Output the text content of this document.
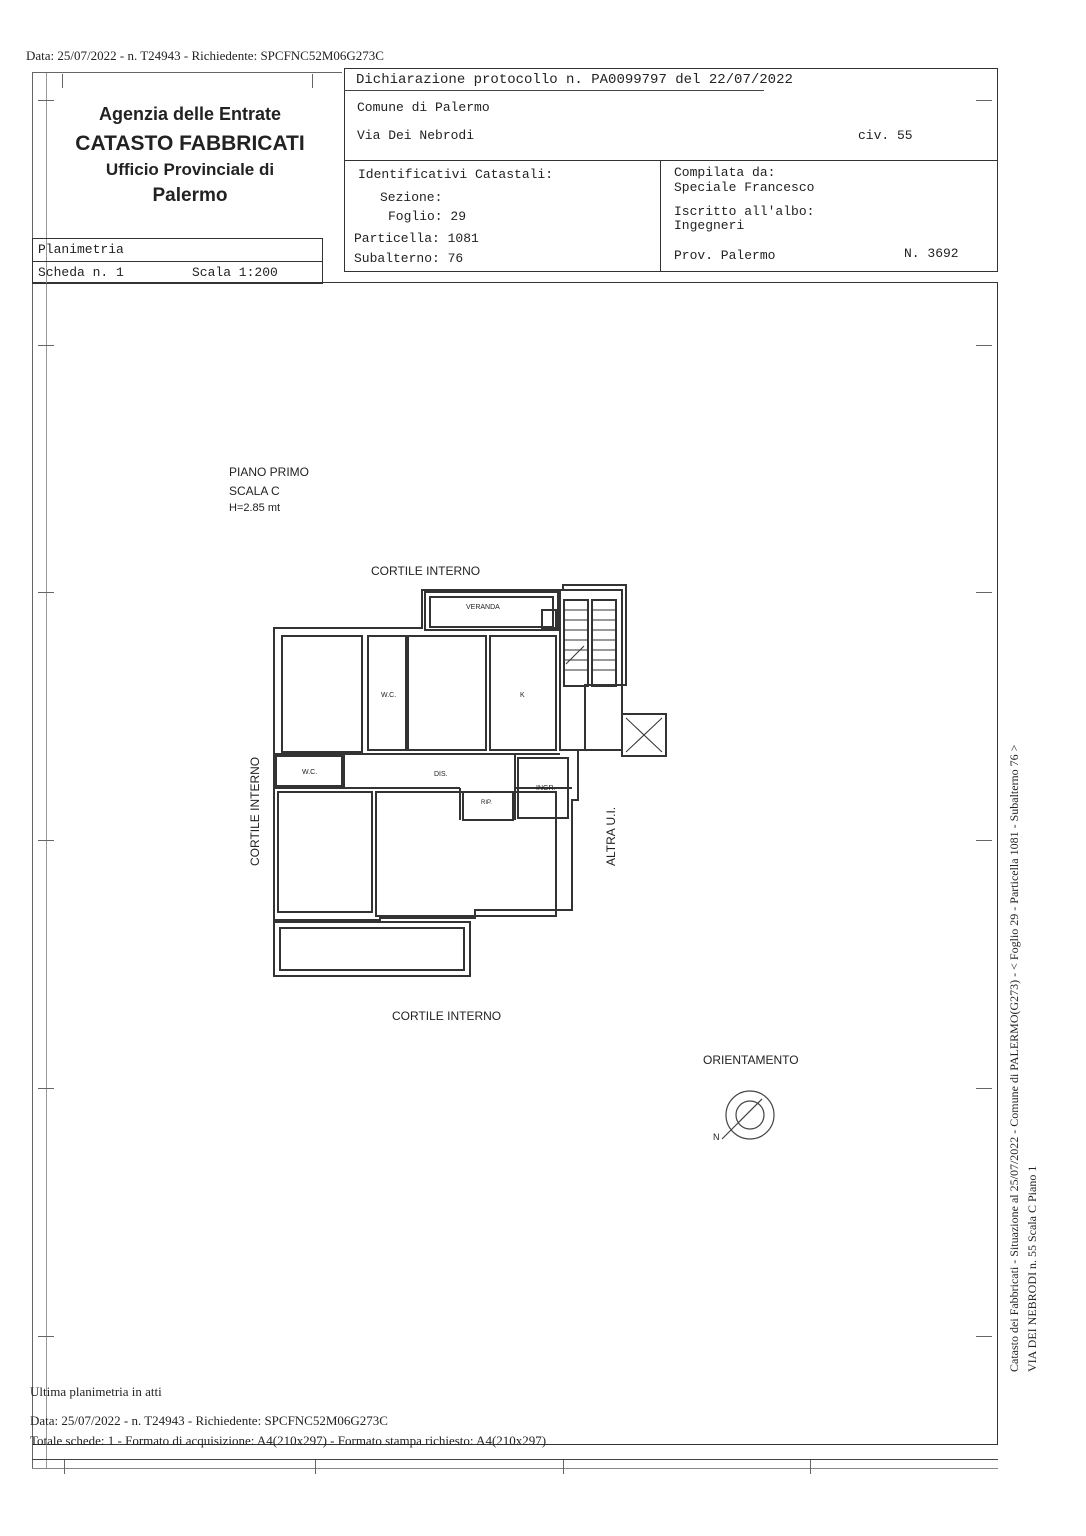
Data: 25/07/2022 - n. T24943 - Richiedente: SPCFNC52M06G273C
Agenzia delle Entrate
CATASTO FABBRICATI
Ufficio Provinciale di
Palermo
Planimetria
Scheda n. 1	Scala 1:200
Dichiarazione protocollo n. PA0099797 del 22/07/2022
Comune di Palermo
Via Dei Nebrodi	civ. 55
Identificativi Catastali:
Sezione:
Foglio: 29
Particella: 1081
Subalterno: 76
Compilata da:
Speciale Francesco
Iscritto all'albo:
Ingegneri
Prov. Palermo	N. 3692
PIANO PRIMO
SCALA C
H=2.85 mt
CORTILE INTERNO
CORTILE INTERNO
CORTILE INTERNO	ALTRA U.I.
VERANDA
W.C.	K
W.C.	DIS.
INGR.
RIP.
ORIENTAMENTO
N	Catasto dei Fabbricati - Situazione al 25/07/2022 - Comune di PALERMO(G273) - < Foglio 29 - Particella 1081 - Subalterno 76 > VIA DEI NEBRODI n. 55 Scala C Piano 1
Ultima planimetria in atti
Data: 25/07/2022 - n. T24943 - Richiedente: SPCFNC52M06G273C
Totale schede: 1 - Formato di acquisizione: A4(210x297) - Formato stampa richiesto: A4(210x297)
